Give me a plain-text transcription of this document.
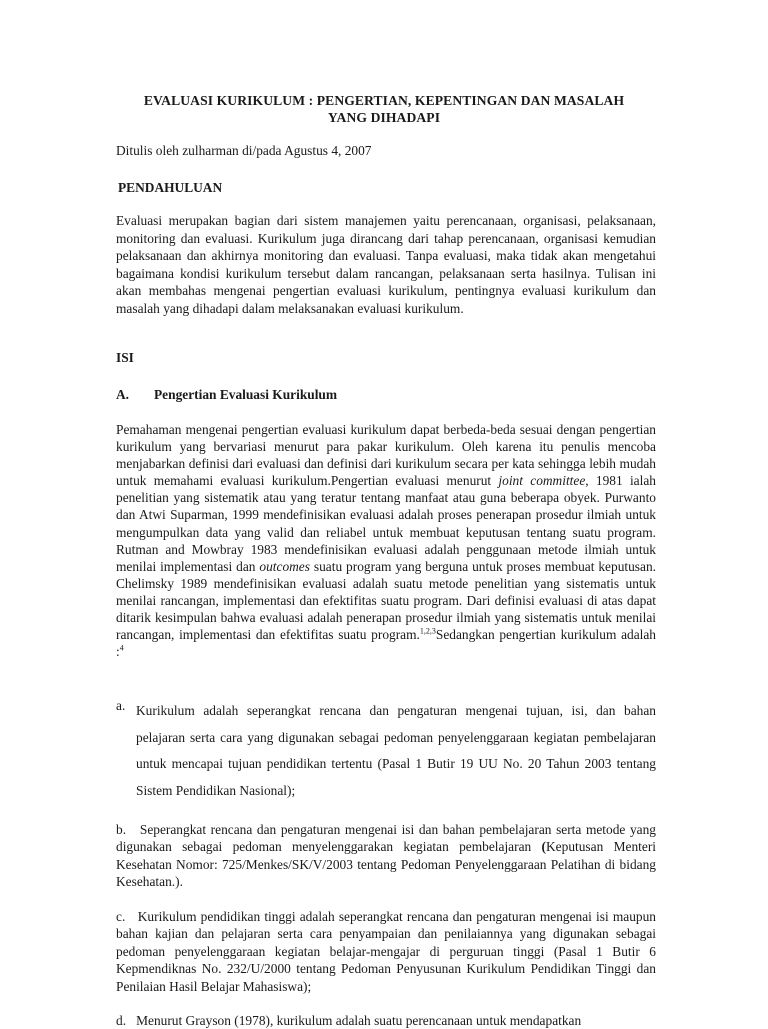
EVALUASI KURIKULUM : PENGERTIAN, KEPENTINGAN DAN MASALAH
YANG DIHADAPI
Ditulis oleh zulharman di/pada Agustus 4, 2007
PENDAHULUAN
Evaluasi merupakan bagian dari sistem manajemen yaitu perencanaan, organisasi, pelaksanaan, monitoring dan evaluasi. Kurikulum juga dirancang dari tahap perencanaan, organisasi kemudian pelaksanaan dan akhirnya monitoring dan evaluasi. Tanpa evaluasi, maka tidak akan mengetahui bagaimana kondisi kurikulum tersebut dalam rancangan, pelaksanaan serta hasilnya. Tulisan ini akan membahas mengenai pengertian evaluasi kurikulum, pentingnya evaluasi kurikulum dan masalah yang dihadapi dalam melaksanakan evaluasi kurikulum.
ISI
A. Pengertian Evaluasi Kurikulum
Pemahaman mengenai pengertian evaluasi kurikulum dapat berbeda-beda sesuai dengan pengertian kurikulum yang bervariasi menurut para pakar kurikulum. Oleh karena itu penulis mencoba menjabarkan definisi dari evaluasi dan definisi dari kurikulum secara per kata sehingga lebih mudah untuk memahami evaluasi kurikulum.Pengertian evaluasi menurut joint committee, 1981 ialah penelitian yang sistematik atau yang teratur tentang manfaat atau guna beberapa obyek. Purwanto dan Atwi Suparman, 1999 mendefinisikan evaluasi adalah proses penerapan prosedur ilmiah untuk mengumpulkan data yang valid dan reliabel untuk membuat keputusan tentang suatu program. Rutman and Mowbray 1983 mendefinisikan evaluasi adalah penggunaan metode ilmiah untuk menilai implementasi dan outcomes suatu program yang berguna untuk proses membuat keputusan. Chelimsky 1989 mendefinisikan evaluasi adalah suatu metode penelitian yang sistematis untuk menilai rancangan, implementasi dan efektifitas suatu program. Dari definisi evaluasi di atas dapat ditarik kesimpulan bahwa evaluasi adalah penerapan prosedur ilmiah yang sistematis untuk menilai rancangan, implementasi dan efektifitas suatu program.$^{1,2,3}$Sedangkan pengertian kurikulum adalah :$^4$
a. Kurikulum adalah seperangkat rencana dan pengaturan mengenai tujuan, isi, dan bahan pelajaran serta cara yang digunakan sebagai pedoman penyelenggaraan kegiatan pembelajaran untuk mencapai tujuan pendidikan tertentu (Pasal 1 Butir 19 UU No. 20 Tahun 2003 tentang Sistem Pendidikan Nasional);
b. Seperangkat rencana dan pengaturan mengenai isi dan bahan pembelajaran serta metode yang digunakan sebagai pedoman menyelenggarakan kegiatan pembelajaran (Keputusan Menteri Kesehatan Nomor: 725/Menkes/SK/V/2003 tentang Pedoman Penyelenggaraan Pelatihan di bidang Kesehatan.).
c. Kurikulum pendidikan tinggi adalah seperangkat rencana dan pengaturan mengenai isi maupun bahan kajian dan pelajaran serta cara penyampaian dan penilaiannya yang digunakan sebagai pedoman penyelenggaraan kegiatan belajar-mengajar di perguruan tinggi (Pasal 1 Butir 6 Kepmendiknas No. 232/U/2000 tentang Pedoman Penyusunan Kurikulum Pendidikan Tinggi dan Penilaian Hasil Belajar Mahasiswa);
d. Menurut Grayson (1978), kurikulum adalah suatu perencanaan untuk mendapatkan
